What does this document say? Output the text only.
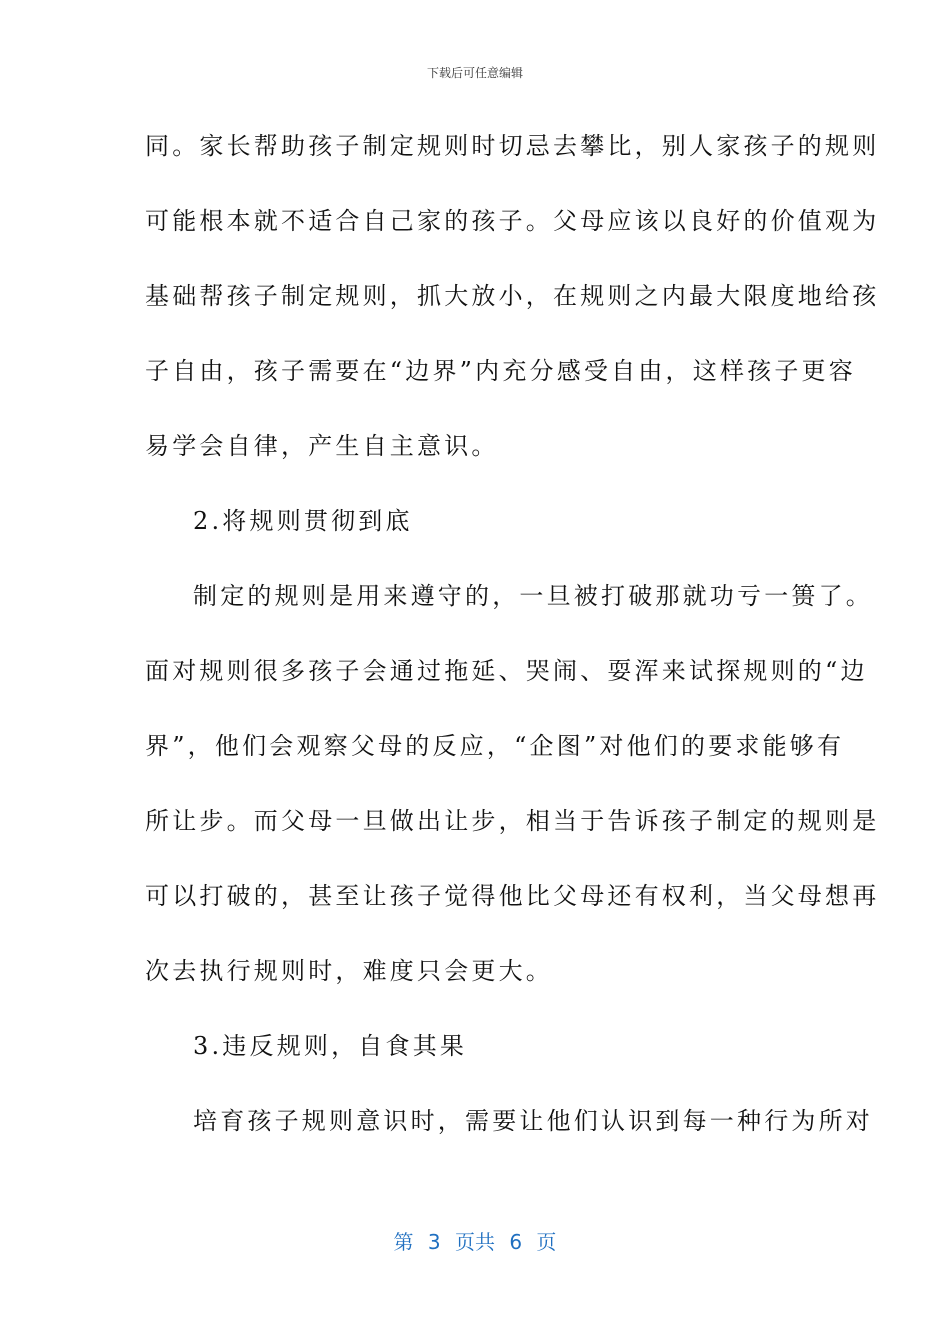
下载后可任意编辑
同。家长帮助孩子制定规则时切忌去攀比，别人家孩子的规则
可能根本就不适合自己家的孩子。父母应该以良好的价值观为
基础帮孩子制定规则，抓大放小，在规则之内最大限度地给孩
子自由，孩子需要在“边界”内充分感受自由，这样孩子更容
易学会自律，产生自主意识。
2.将规则贯彻到底
制定的规则是用来遵守的，一旦被打破那就功亏一篑了。
面对规则很多孩子会通过拖延、哭闹、耍浑来试探规则的“边
界”，他们会观察父母的反应，“企图”对他们的要求能够有
所让步。而父母一旦做出让步，相当于告诉孩子制定的规则是
可以打破的，甚至让孩子觉得他比父母还有权利，当父母想再
次去执行规则时，难度只会更大。
3.违反规则，自食其果
培育孩子规则意识时，需要让他们认识到每一种行为所对
第 3 页共 6 页
